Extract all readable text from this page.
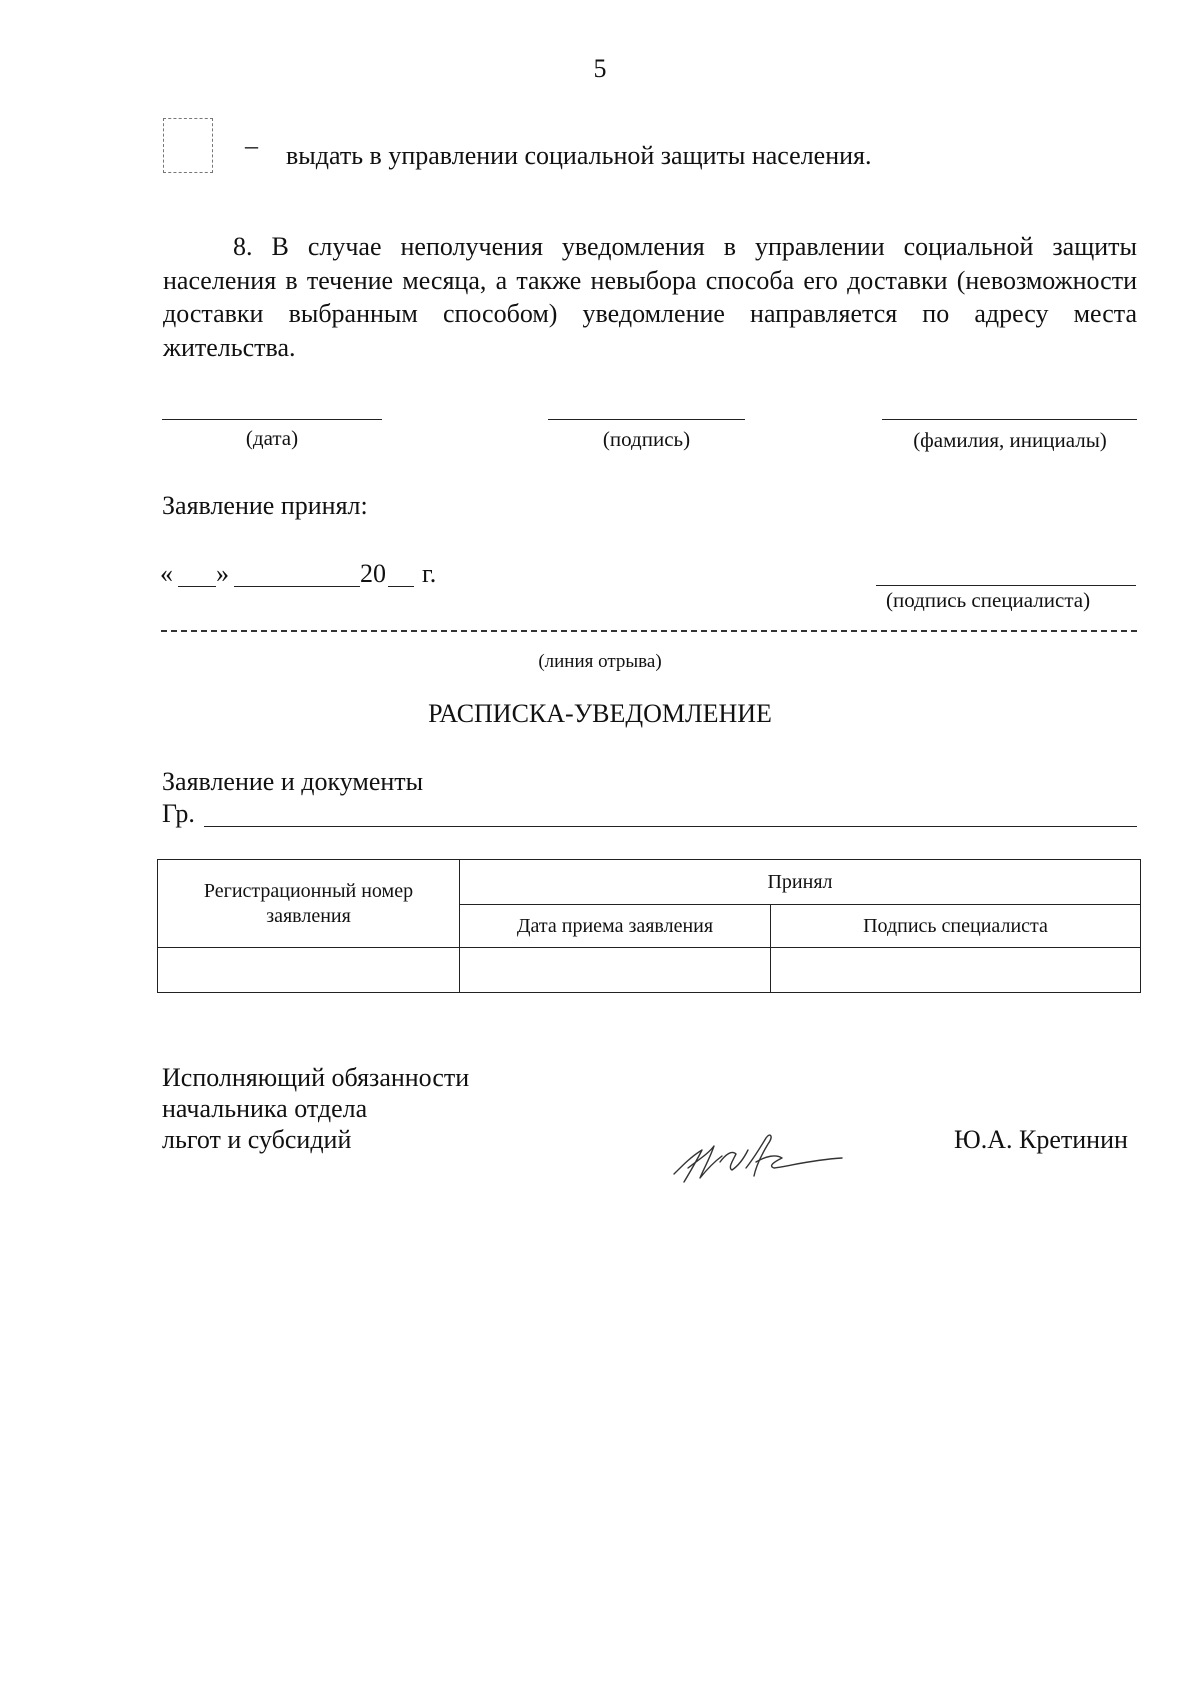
5
– выдать в управлении социальной защиты населения.

8. В случае неполучения уведомления в управлении социальной защиты населения в течение месяца, а также невыбора способа его доставки (невозможности доставки выбранным способом) уведомление направляется по адресу места жительства.

(дата)	(подпись)	(фамилия, инициалы)
Заявление принял:
« »	20 г.
(подпись специалиста)
(линия отрыва)
РАСПИСКА-УВЕДОМЛЕНИЕ
Заявление и документы
Гр.
Регистрационный номер заявления	Принял	
	Дата приема заявления	Подпись специалиста

Исполняющий обязанности
начальника отдела
льгот и субсидий	Ю.А. Кретинин
